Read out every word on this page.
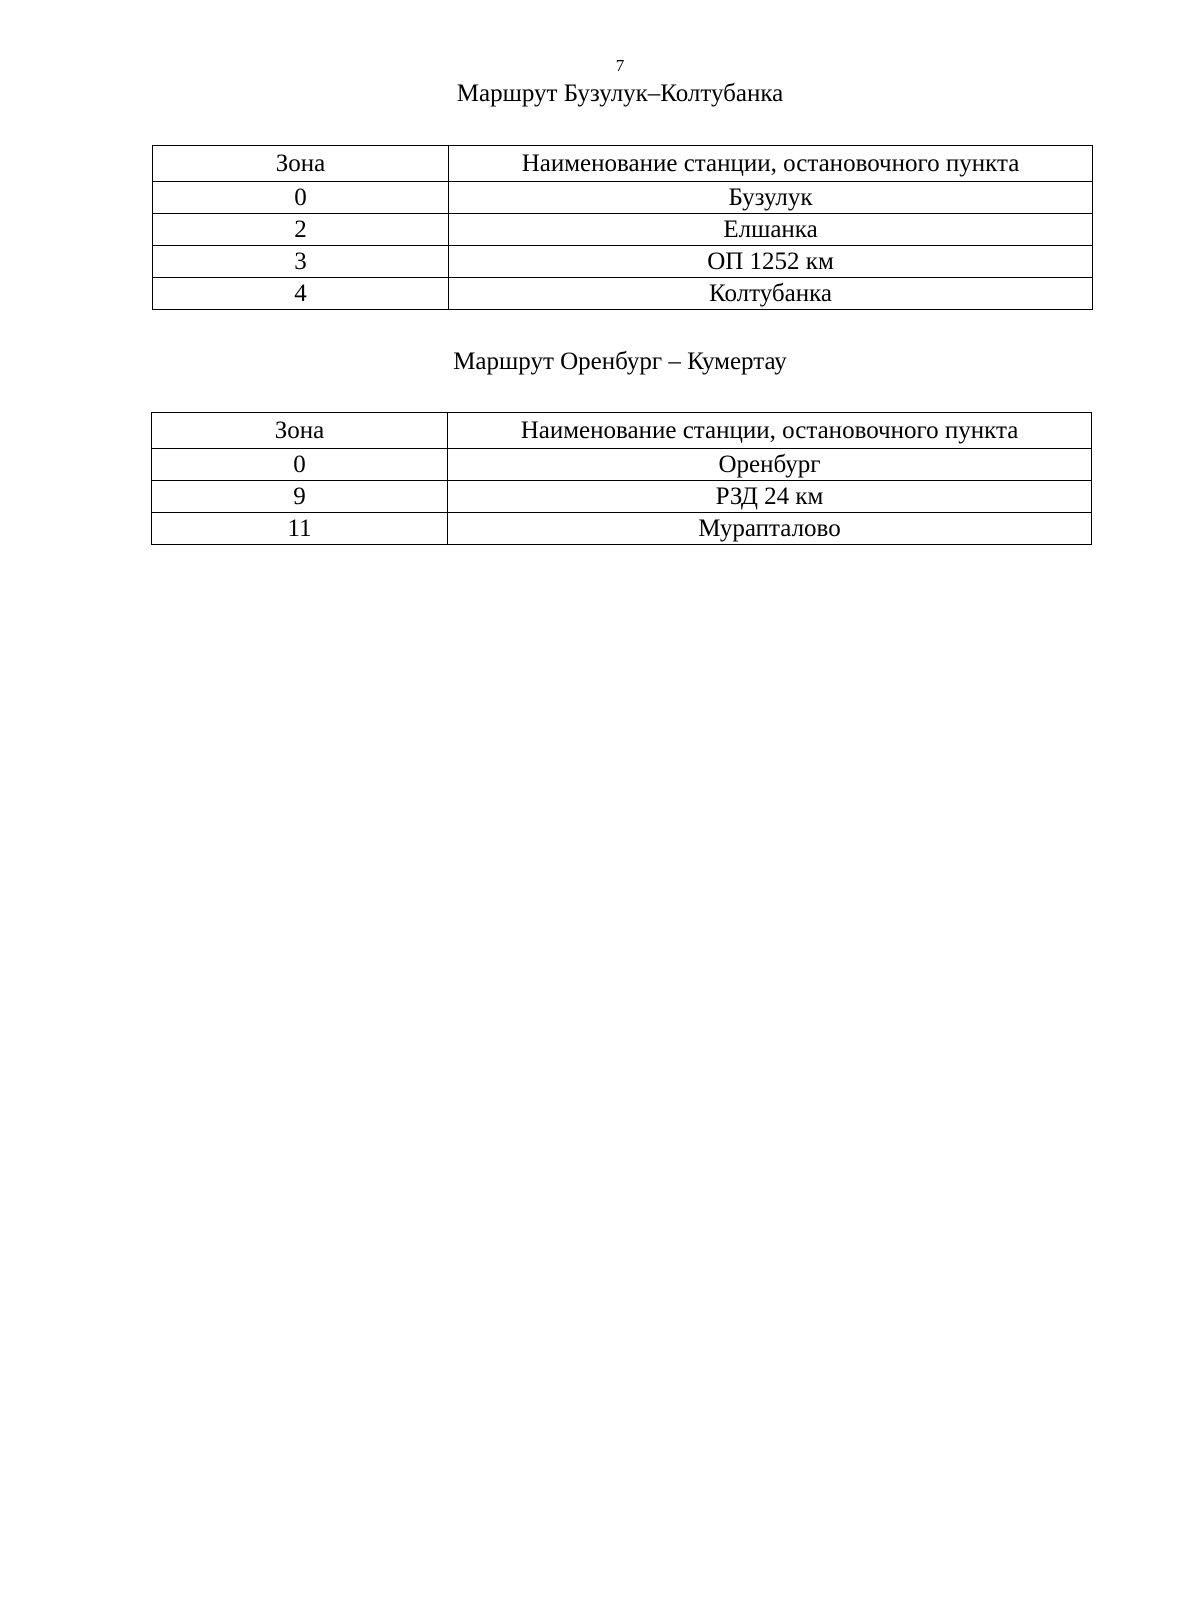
7
Маршрут Бузулук–Колтубанка
Зона	Наименование станции, остановочного пункта
0	Бузулук
2	Елшанка
3	ОП 1252 км
4	Колтубанка
Маршрут Оренбург – Кумертау
Зона	Наименование станции, остановочного пункта
0	Оренбург
9	РЗД 24 км
11	Мурапталово
